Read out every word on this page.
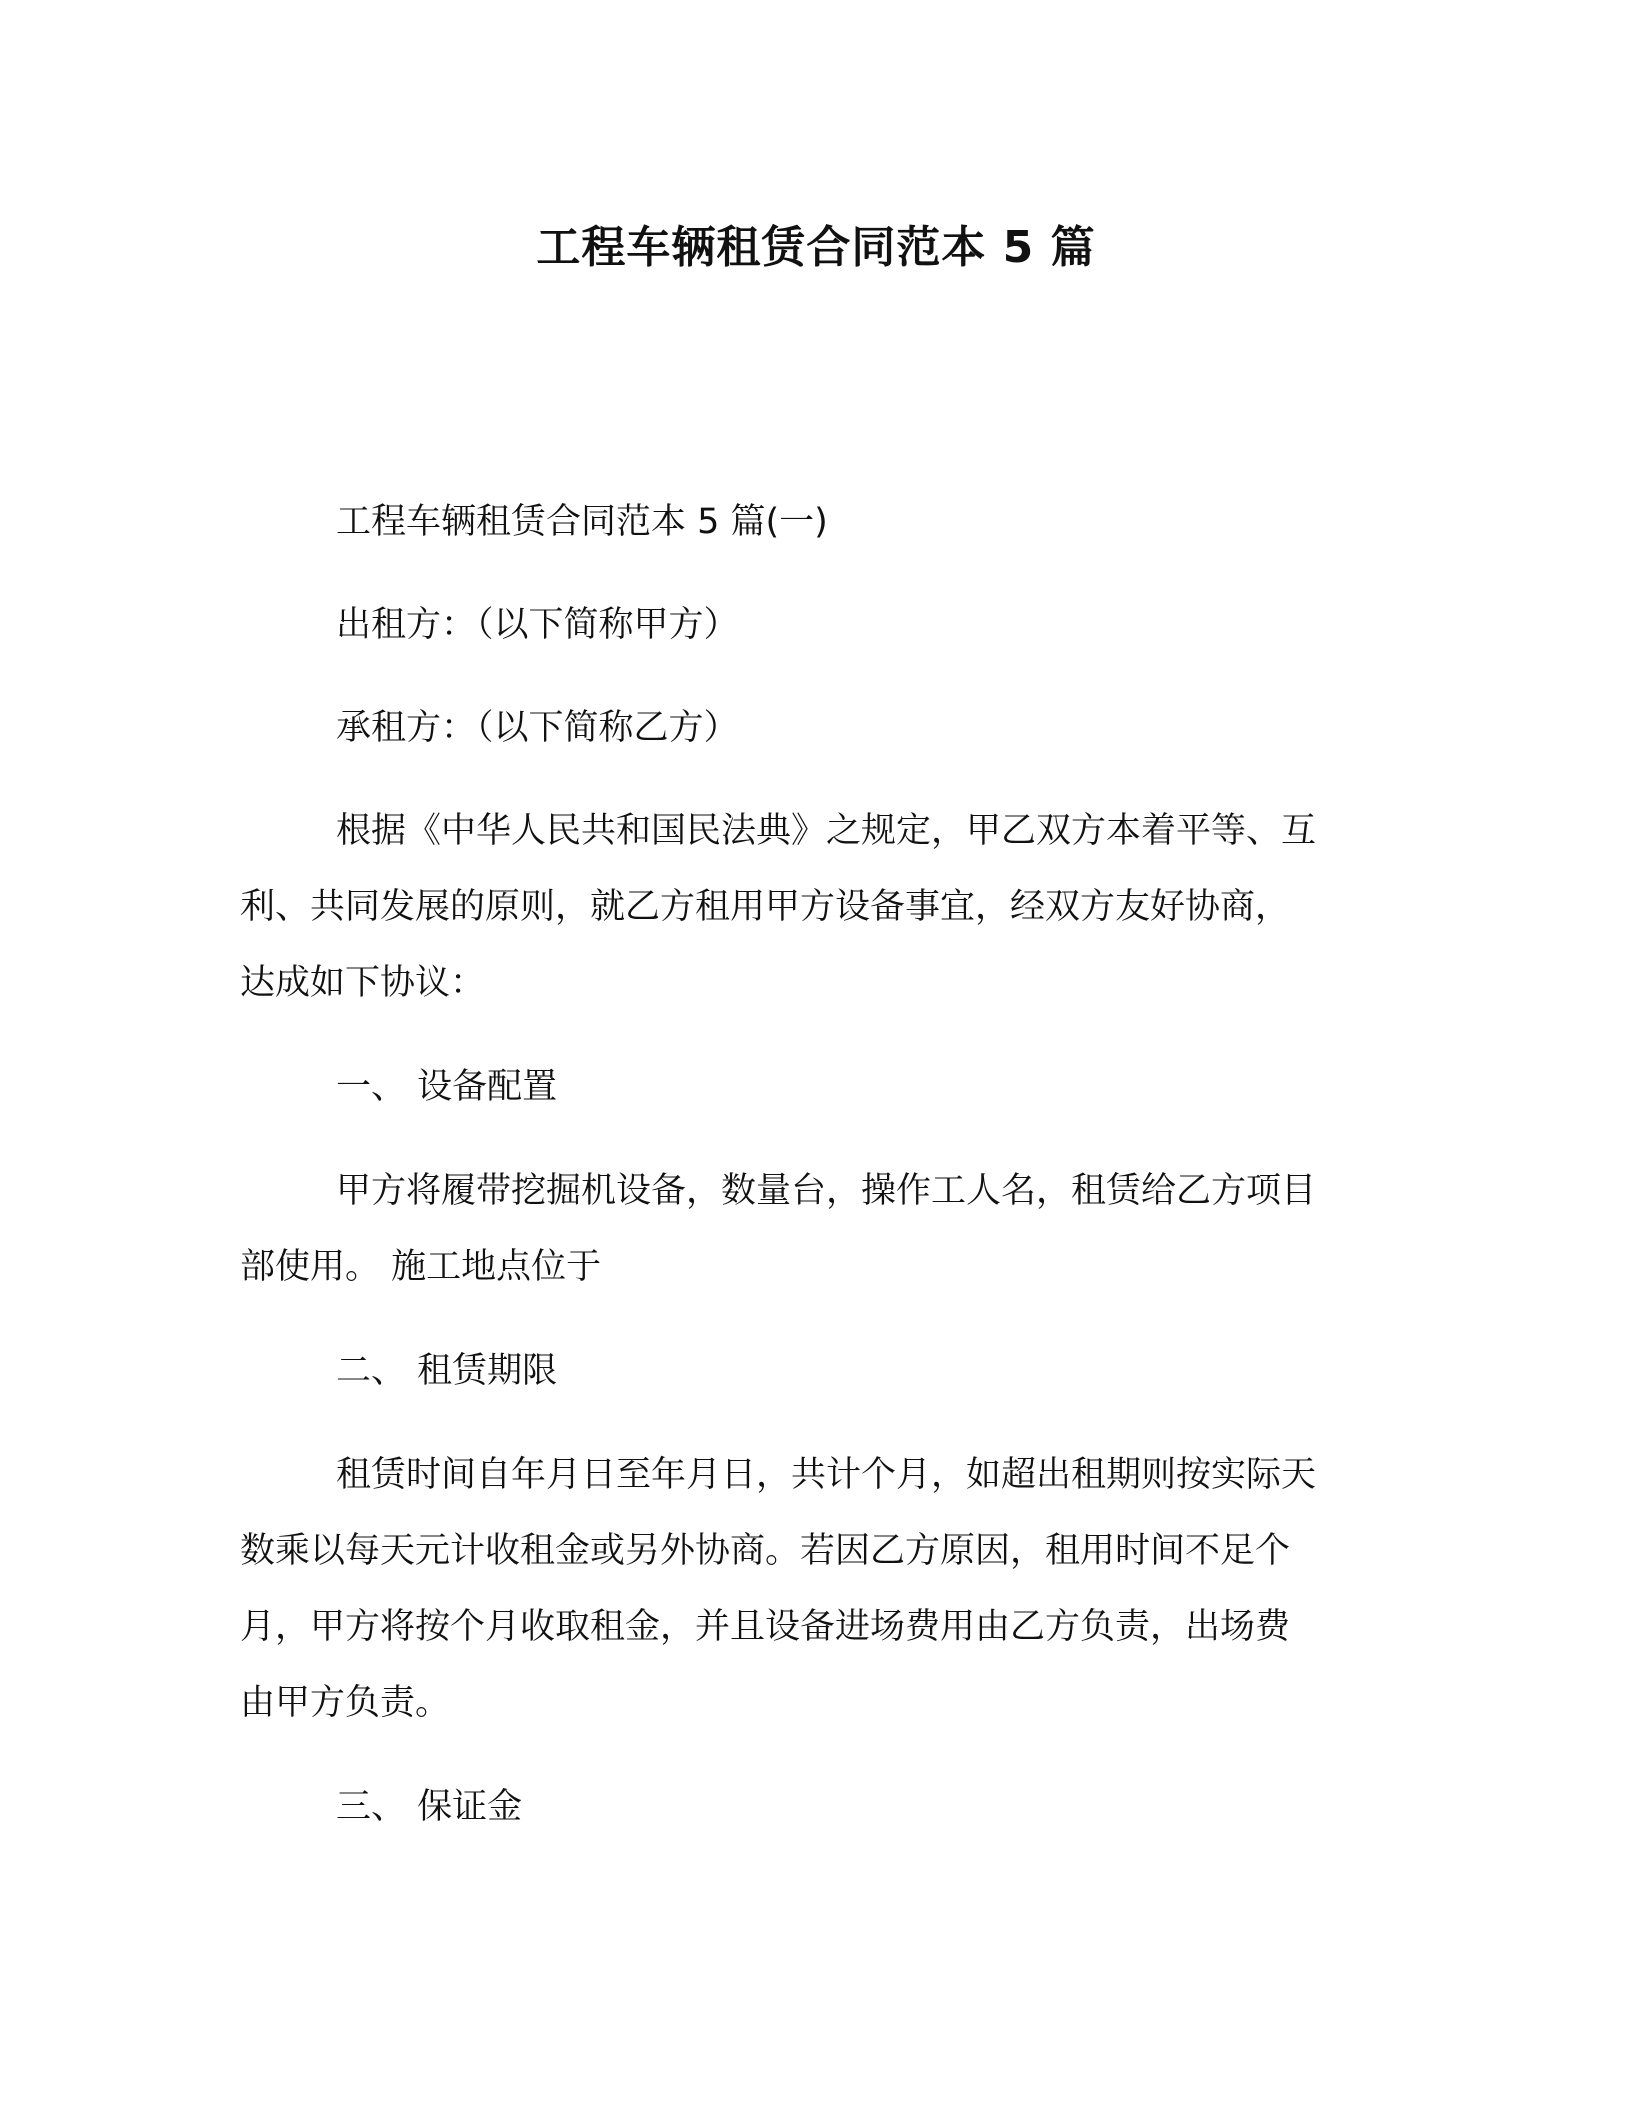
工程车辆租赁合同范本 5 篇

工程车辆租赁合同范本 5 篇(一)

出租方：（以下简称甲方）

承租方：（以下简称乙方）

根据《中华人民共和国民法典》之规定，甲乙双方本着平等、互

利、共同发展的原则，就乙方租用甲方设备事宜，经双方友好协商，

达成如下协议：

一、 设备配置

甲方将履带挖掘机设备，数量台，操作工人名，租赁给乙方项目

部使用。 施工地点位于

二、 租赁期限

租赁时间自年月日至年月日，共计个月，如超出租期则按实际天

数乘以每天元计收租金或另外协商。若因乙方原因，租用时间不足个

月，甲方将按个月收取租金，并且设备进场费用由乙方负责，出场费

由甲方负责。

三、 保证金
